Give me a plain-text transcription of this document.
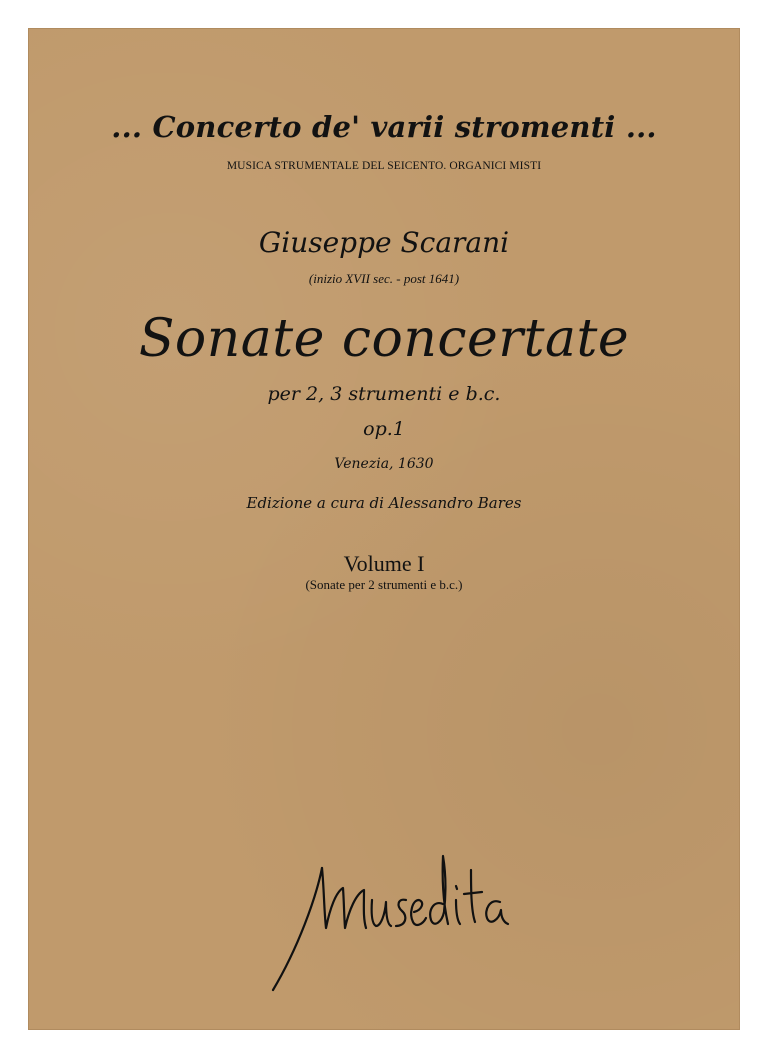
... Concerto de' varii stromenti ...
MUSICA STRUMENTALE DEL SEICENTO. ORGANICI MISTI
Giuseppe Scarani
(inizio XVII sec. - post 1641)
Sonate concertate
per 2, 3 strumenti e b.c.
op.1
Venezia, 1630
Edizione a cura di Alessandro Bares
Volume I
(Sonate per 2 strumenti e b.c.)
